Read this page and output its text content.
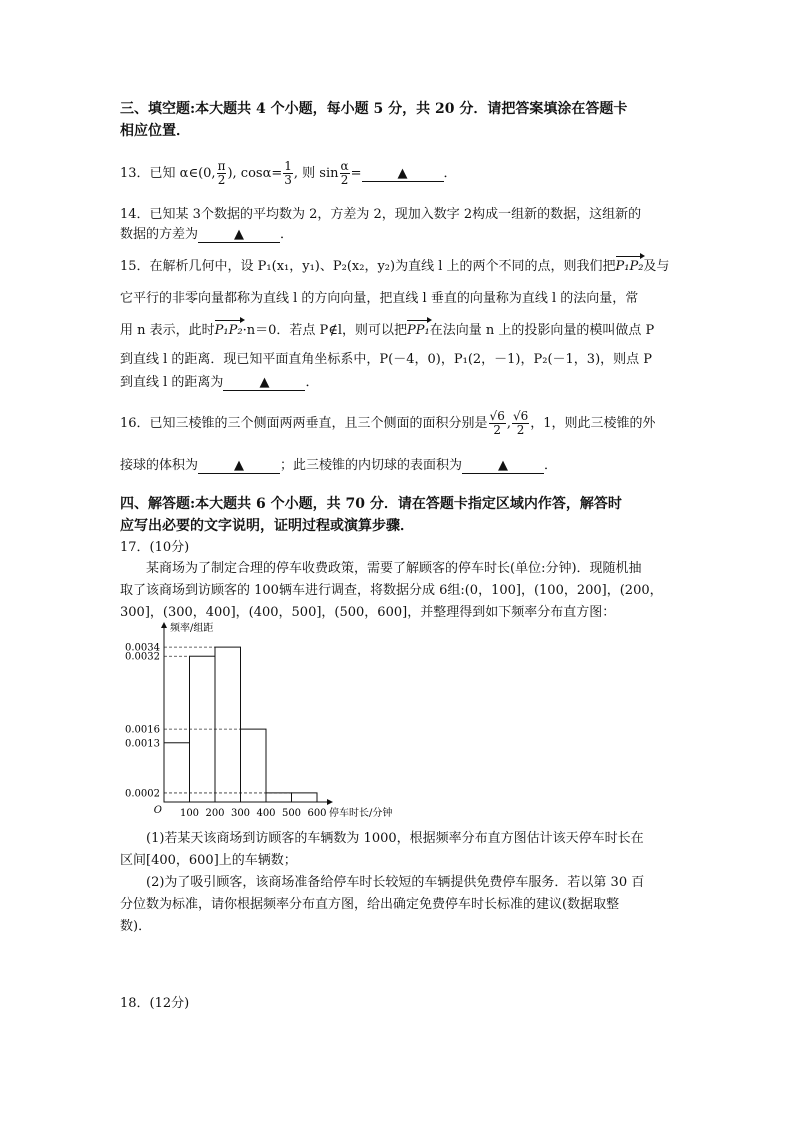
三、填空题:本大题共 4 个小题，每小题 5 分，共 20 分．请把答案填涂在答题卡
相应位置．
13．已知 α∈(0, $\frac{\pi}{2}$ ), $\cos\alpha= \frac{1}{3}$ , 则 $\sin \frac{\alpha}{2}$ =	▲	．
14．已知某 3个数据的平均数为 2，方差为 2，现加入数字 2构成一组新的数据，这组新的
数据的方差为	▲	．
15．在解析几何中，设 P₁(x₁，y₁)、P₂(x₂，y₂)为直线 l 上的两个不同的点，则我们把P₁P₂及与
它平行的非零向量都称为直线 l 的方向向量，把直线 l 垂直的向量称为直线 l 的法向量，常
用 n 表示，此时P₁P₂·n＝0．若点 P∉l，则可以把PP₁在法向量 n 上的投影向量的模叫做点 P
到直线 l 的距离．现已知平面直角坐标系中，P(－4，0)，P₁(2，－1)，P₂(－1，3)，则点 P
到直线 l 的距离为	▲	．
16．已知三棱锥的三个侧面两两垂直，且三个侧面的面积分别是 $\frac{√6}{2}$ , $\frac{√6}{2}$ ，1，则此三棱锥的外
接球的体积为	▲	；此三棱锥的内切球的表面积为	▲	．
四、解答题:本大题共 6 个小题，共 70 分．请在答题卡指定区域内作答，解答时
应写出必要的文字说明，证明过程或演算步骤．
17．(10分)
某商场为了制定合理的停车收费政策，需要了解顾客的停车时长(单位:分钟)．现随机抽
取了该商场到访顾客的 100辆车进行调查，将数据分成 6组:(0，100]，(100，200]，(200，
300]，(300，400]，(400，500]，(500，600]，并整理得到如下频率分布直方图：
0.0034
0.0032
0.0016
0.0013
0.0002
100 200 300 400 500 600
O
频率/组距
停车时长/分钟
(1)若某天该商场到访顾客的车辆数为 1000，根据频率分布直方图估计该天停车时长在
区间[400，600]上的车辆数；
(2)为了吸引顾客，该商场准备给停车时长较短的车辆提供免费停车服务．若以第 30 百
分位数为标准，请你根据频率分布直方图，给出确定免费停车时长标准的建议(数据取整
数)．
18．(12分)
